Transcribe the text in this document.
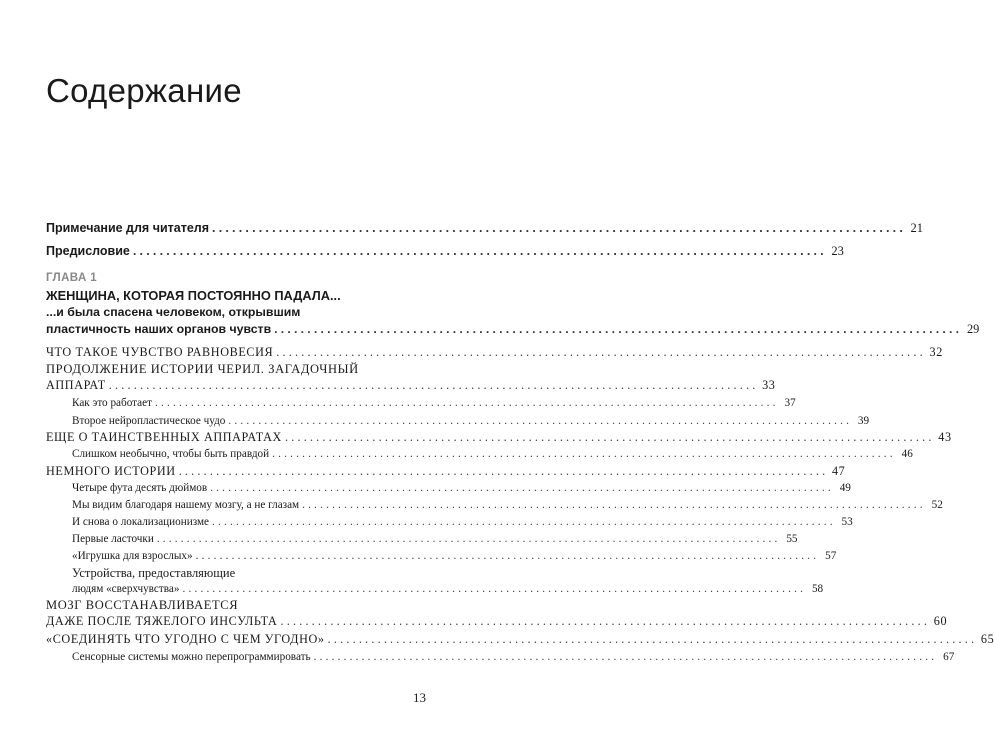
Содержание
Примечание для читателя ........................................................................................................ 21
Предисловие ........................................................................................................ 23
ГЛАВА 1
ЖЕНЩИНА, КОТОРАЯ ПОСТОЯННО ПАДАЛА...
...и была спасена человеком, открывшим
пластичность наших органов чувств ........................................................................................................ 29
ЧТО ТАКОЕ ЧУВСТВО РАВНОВЕСИЯ ........................................................................................................ 32
ПРОДОЛЖЕНИЕ ИСТОРИИ ЧЕРИЛ. ЗАГАДОЧНЫЙ
АППАРАТ ........................................................................................................ 33
Как это работает ........................................................................................................ 37
Второе нейропластическое чудо ........................................................................................................ 39
ЕЩЕ О ТАИНСТВЕННЫХ АППАРАТАХ ........................................................................................................ 43
Слишком необычно, чтобы быть правдой ........................................................................................................ 46
НЕМНОГО ИСТОРИИ ........................................................................................................ 47
Четыре фута десять дюймов ........................................................................................................ 49
Мы видим благодаря нашему мозгу, а не глазам ........................................................................................................ 52
И снова о локализационизме ........................................................................................................ 53
Первые ласточки ........................................................................................................ 55
«Игрушка для взрослых» ........................................................................................................ 57
Устройства, предоставляющие
людям «сверхчувства» ........................................................................................................ 58
МОЗГ ВОССТАНАВЛИВАЕТСЯ
ДАЖЕ ПОСЛЕ ТЯЖЕЛОГО ИНСУЛЬТА ........................................................................................................ 60
«СОЕДИНЯТЬ ЧТО УГОДНО С ЧЕМ УГОДНО» ........................................................................................................ 65
Сенсорные системы можно перепрограммировать ........................................................................................................ 67
13
